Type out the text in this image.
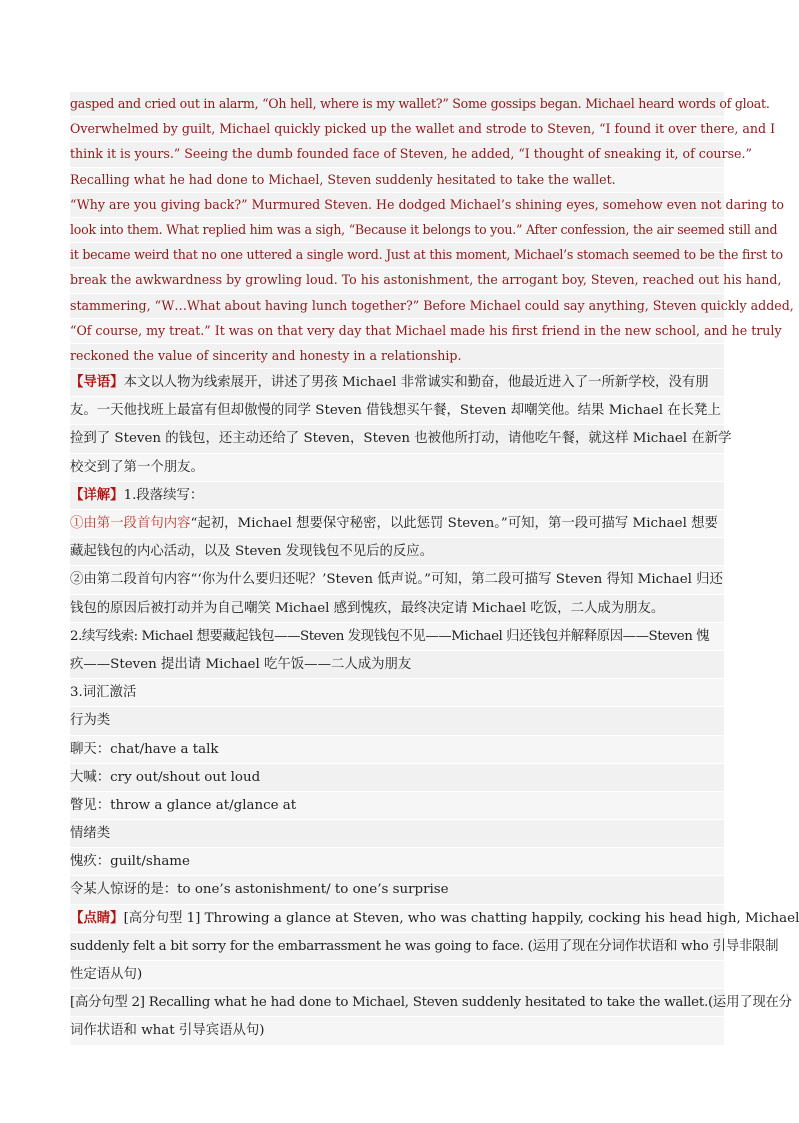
gasped and cried out in alarm, “Oh hell, where is my wallet?” Some gossips began. Michael heard words of gloat.
Overwhelmed by guilt, Michael quickly picked up the wallet and strode to Steven, “I found it over there, and I
think it is yours.” Seeing the dumb founded face of Steven, he added, “I thought of sneaking it, of course.”
Recalling what he had done to Michael, Steven suddenly hesitated to take the wallet.
“Why are you giving back?” Murmured Steven. He dodged Michael’s shining eyes, somehow even not daring to
look into them. What replied him was a sigh, “Because it belongs to you.” After confession, the air seemed still and
it became weird that no one uttered a single word. Just at this moment, Michael’s stomach seemed to be the first to
break the awkwardness by growling loud. To his astonishment, the arrogant boy, Steven, reached out his hand,
stammering, “W…What about having lunch together?” Before Michael could say anything, Steven quickly added,
“Of course, my treat.” It was on that very day that Michael made his first friend in the new school, and he truly
reckoned the value of sincerity and honesty in a relationship.
【导语】本文以人物为线索展开，讲述了男孩 Michael 非常诚实和勤奋，他最近进入了一所新学校，没有朋
友。一天他找班上最富有但却傲慢的同学 Steven 借钱想买午餐，Steven 却嘲笑他。结果 Michael 在长凳上
捡到了 Steven 的钱包，还主动还给了 Steven，Steven 也被他所打动，请他吃午餐，就这样 Michael 在新学
校交到了第一个朋友。
【详解】1.段落续写：
①由第一段首句内容“起初，Michael 想要保守秘密，以此惩罚 Steven。”可知，第一段可描写 Michael 想要
藏起钱包的内心活动，以及 Steven 发现钱包不见后的反应。
②由第二段首句内容“‘你为什么要归还呢？’Steven 低声说。”可知，第二段可描写 Steven 得知 Michael 归还
钱包的原因后被打动并为自己嘲笑 Michael 感到愧疚，最终决定请 Michael 吃饭，二人成为朋友。
2.续写线索: Michael 想要藏起钱包——Steven 发现钱包不见——Michael 归还钱包并解释原因——Steven 愧
疚——Steven 提出请 Michael 吃午饭——二人成为朋友
3.词汇激活
行为类
聊天：chat/have a talk
大喊：cry out/shout out loud
瞥见：throw a glance at/glance at
情绪类
愧疚：guilt/shame
令某人惊讶的是：to one’s astonishment/ to one’s surprise
【点睛】[高分句型 1] Throwing a glance at Steven, who was chatting happily, cocking his head high, Michael
suddenly felt a bit sorry for the embarrassment he was going to face. (运用了现在分词作状语和 who 引导非限制
性定语从句)
[高分句型 2] Recalling what he had done to Michael, Steven suddenly hesitated to take the wallet.(运用了现在分
词作状语和 what 引导宾语从句)
